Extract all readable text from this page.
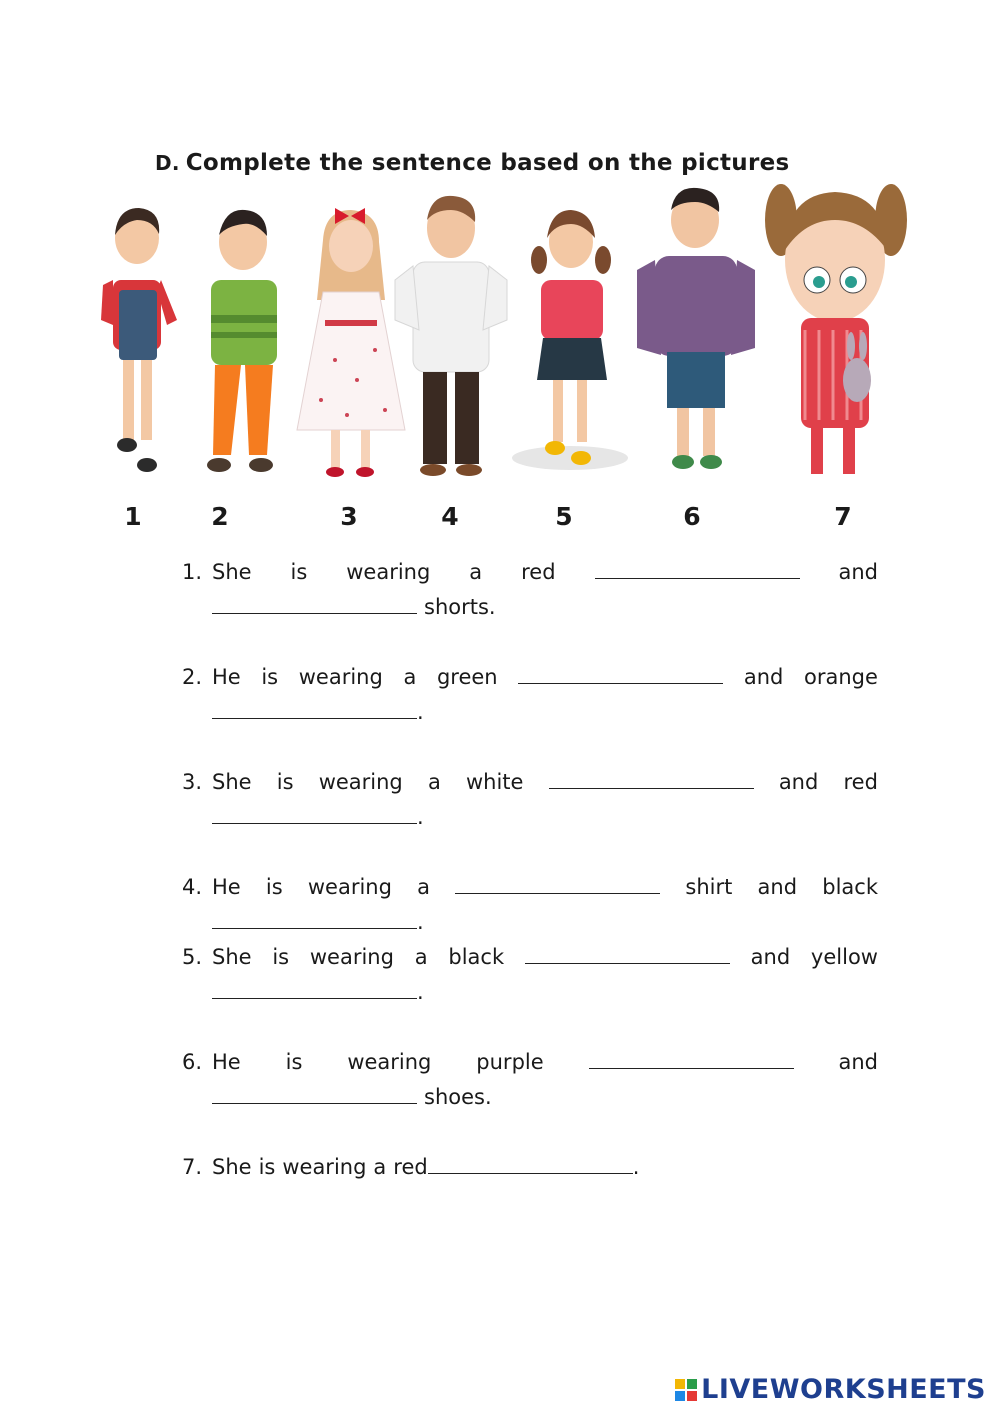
D. Complete the sentence based on the pictures
1	2	3	4	5	6	7
1. She is wearing a red	and
shorts.
2. He is wearing a green	and orange
.
3. She is wearing a white	and red
.
4. He is wearing a	shirt and black
.
5. She is wearing a black	and yellow
.
6. He is wearing purple	and
shoes.
7. She is wearing a red	.
LIVEWORKSHEETS
